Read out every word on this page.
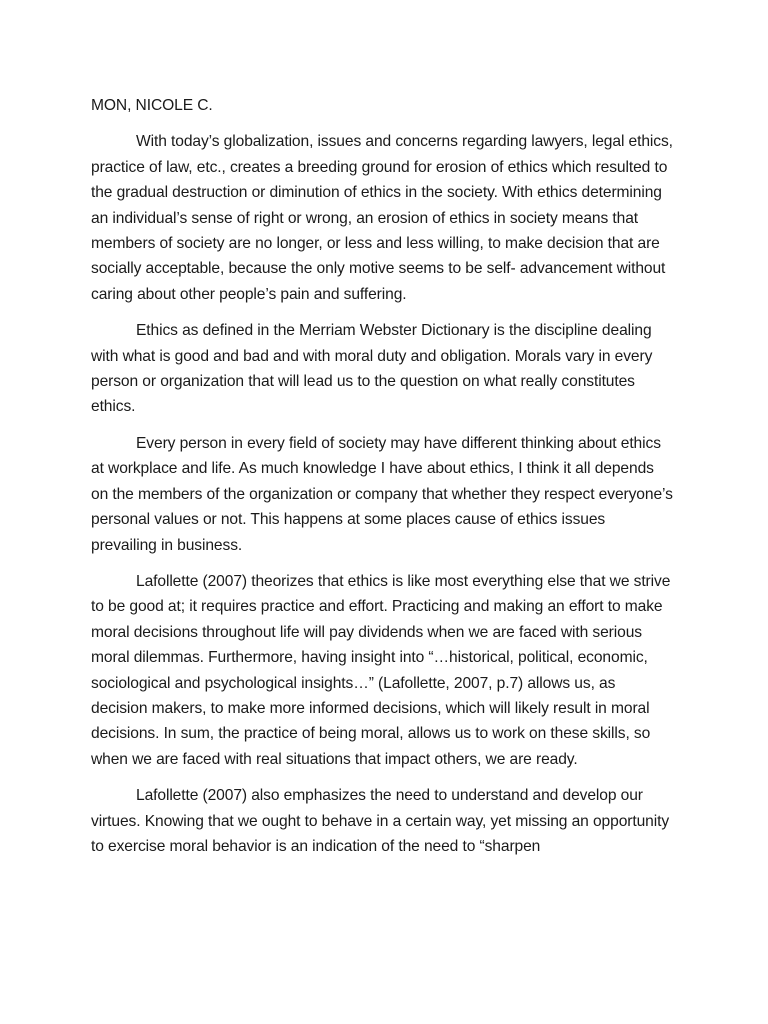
MON, NICOLE C.

With today’s globalization, issues and concerns regarding lawyers, legal ethics, practice of law, etc., creates a breeding ground for erosion of ethics which resulted to the gradual destruction or diminution of ethics in the society. With ethics determining an individual’s sense of right or wrong, an erosion of ethics in society means that members of society are no longer, or less and less willing, to make decision that are socially acceptable, because the only motive seems to be self- advancement without caring about other people’s pain and suffering.

Ethics as defined in the Merriam Webster Dictionary is the discipline dealing with what is good and bad and with moral duty and obligation. Morals vary in every person or organization that will lead us to the question on what really constitutes ethics.

Every person in every field of society may have different thinking about ethics at workplace and life. As much knowledge I have about ethics, I think it all depends on the members of the organization or company that whether they respect everyone’s personal values or not. This happens at some places cause of ethics issues prevailing in business.

Lafollette (2007) theorizes that ethics is like most everything else that we strive to be good at; it requires practice and effort. Practicing and making an effort to make moral decisions throughout life will pay dividends when we are faced with serious moral dilemmas. Furthermore, having insight into “…historical, political, economic, sociological and psychological insights…” (Lafollette, 2007, p.7) allows us, as decision makers, to make more informed decisions, which will likely result in moral decisions. In sum, the practice of being moral, allows us to work on these skills, so when we are faced with real situations that impact others, we are ready.

Lafollette (2007) also emphasizes the need to understand and develop our virtues. Knowing that we ought to behave in a certain way, yet missing an opportunity to exercise moral behavior is an indication of the need to “sharpen
